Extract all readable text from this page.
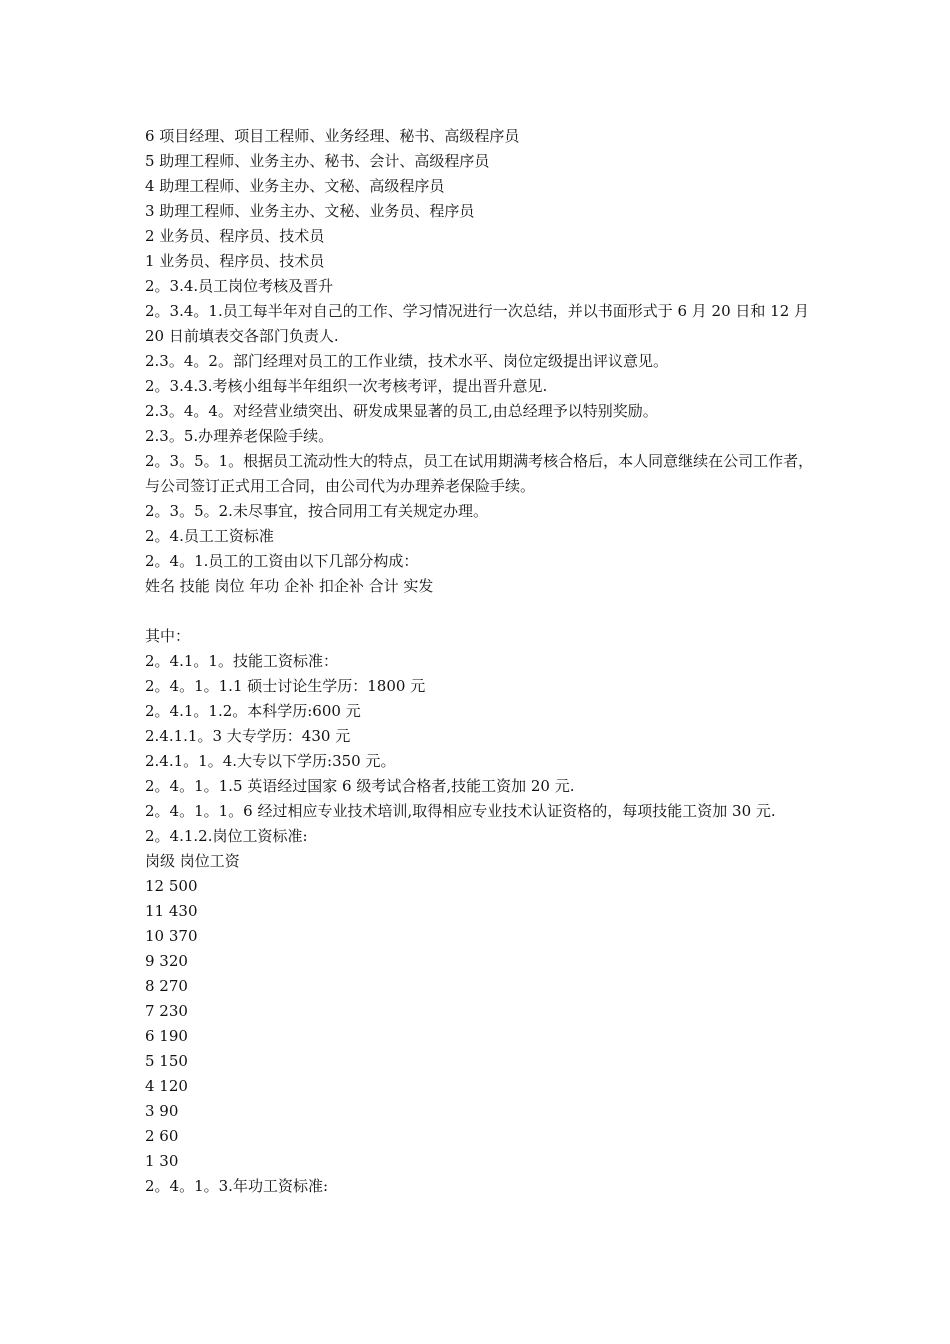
6 项目经理、项目工程师、业务经理、秘书、高级程序员
5 助理工程师、业务主办、秘书、会计、高级程序员
4 助理工程师、业务主办、文秘、高级程序员
3 助理工程师、业务主办、文秘、业务员、程序员
2 业务员、程序员、技术员
1 业务员、程序员、技术员
2。3.4.员工岗位考核及晋升
2。3.4。1.员工每半年对自己的工作、学习情况进行一次总结，并以书面形式于 6 月 20 日和 12 月 20 日前填表交各部门负责人.
2.3。4。2。部门经理对员工的工作业绩，技术水平、岗位定级提出评议意见。
2。3.4.3.考核小组每半年组织一次考核考评，提出晋升意见.
2.3。4。4。对经营业绩突出、研发成果显著的员工,由总经理予以特别奖励。
2.3。5.办理养老保险手续。
2。3。5。1。根据员工流动性大的特点，员工在试用期满考核合格后，本人同意继续在公司工作者，与公司签订正式用工合同，由公司代为办理养老保险手续。
2。3。5。2.未尽事宜，按合同用工有关规定办理。
2。4.员工工资标准
2。4。1.员工的工资由以下几部分构成：
姓名 技能 岗位 年功 企补 扣企补 合计 实发
其中：
2。4.1。1。技能工资标准：
2。4。1。1.1 硕士讨论生学历：1800 元
2。4.1。1.2。本科学历:600 元
2.4.1.1。3 大专学历：430 元
2.4.1。1。4.大专以下学历:350 元。
2。4。1。1.5 英语经过国家 6 级考试合格者,技能工资加 20 元.
2。4。1。1。6 经过相应专业技术培训,取得相应专业技术认证资格的，每项技能工资加 30 元.
2。4.1.2.岗位工资标准:
岗级 岗位工资
12 500
11 430
10 370
9 320
8 270
7 230
6 190
5 150
4 120
3 90
2 60
1 30
2。4。1。3.年功工资标准:
